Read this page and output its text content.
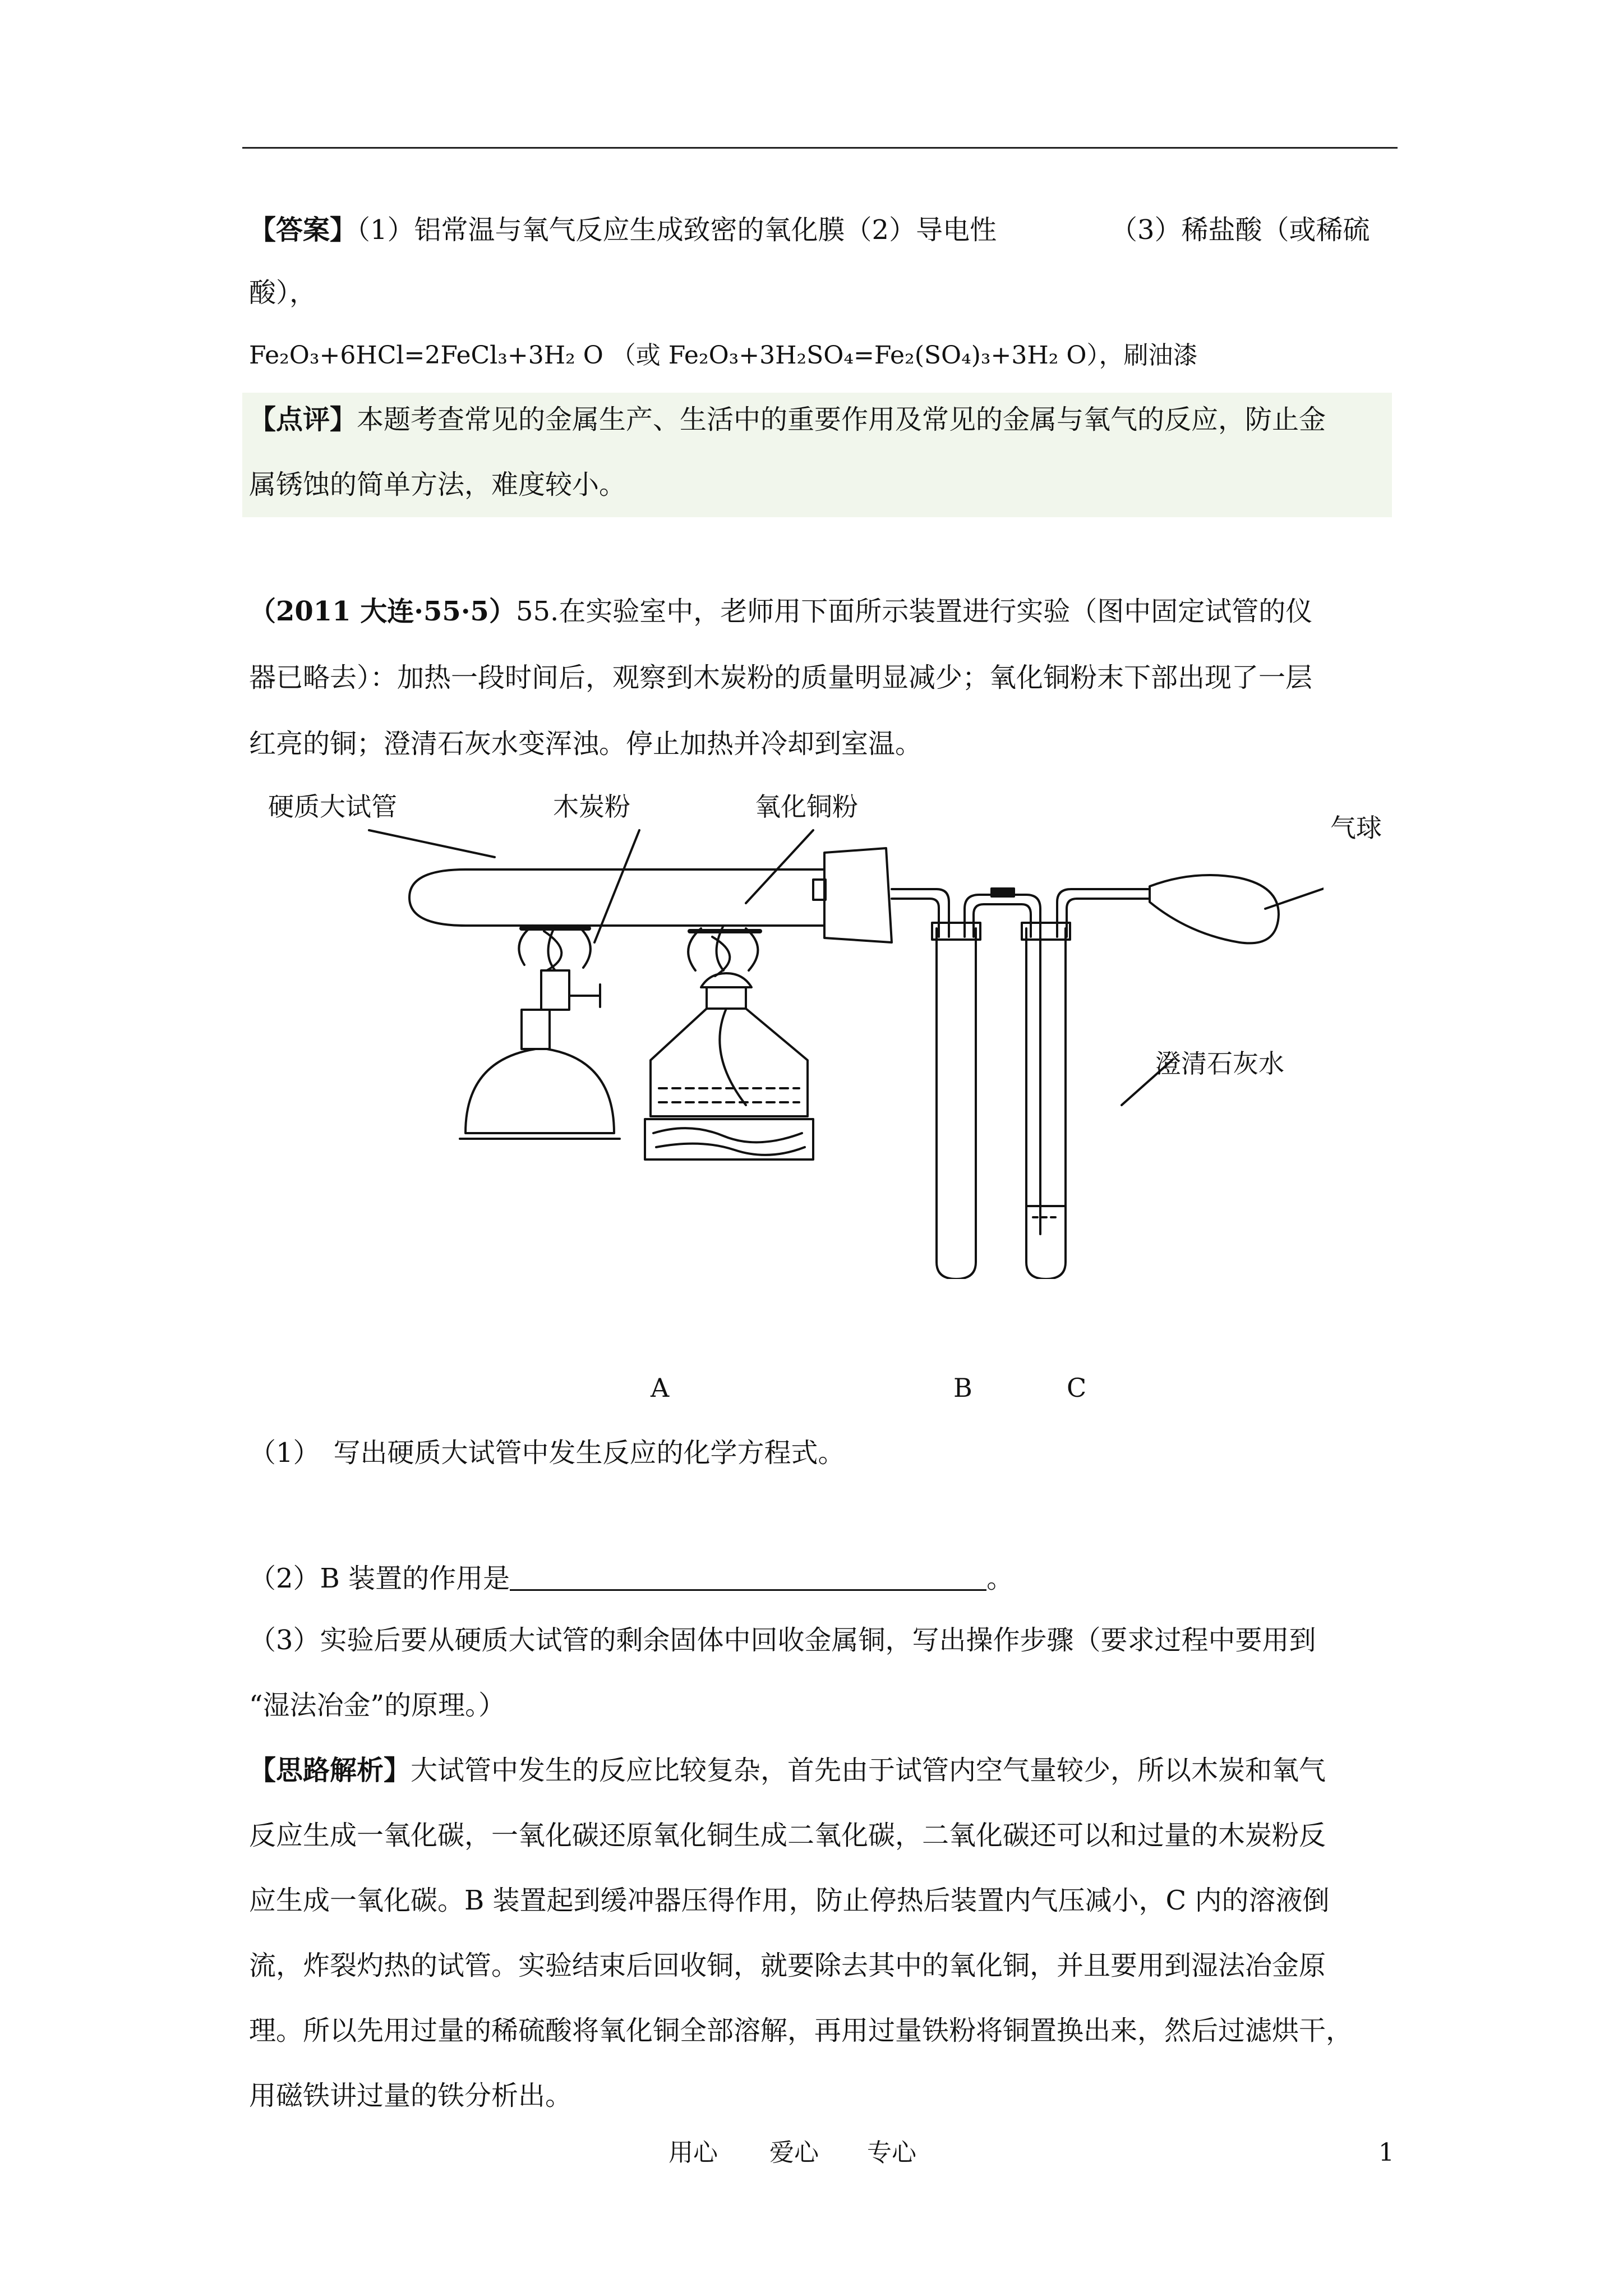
【答案】（1）铝常温与氧气反应生成致密的氧化膜（2）导电性	（3）稀盐酸（或稀硫
酸），
Fe₂O₃+6HCl=2FeCl₃+3H₂ O （或 Fe₂O₃+3H₂SO₄=Fe₂(SO₄)₃+3H₂ O），刷油漆
【点评】本题考查常见的金属生产、生活中的重要作用及常见的金属与氧气的反应，防止金
属锈蚀的简单方法，难度较小。
（2011 大连·55·5）55.在实验室中，老师用下面所示装置进行实验（图中固定试管的仪
器已略去）：加热一段时间后，观察到木炭粉的质量明显减少；氧化铜粉末下部出现了一层
红亮的铜；澄清石灰水变浑浊。停止加热并冷却到室温。
硬质大试管	木炭粉	氧化铜粉
气球
澄清石灰水
A	B	C
（1）　写出硬质大试管中发生反应的化学方程式。
（2）B 装置的作用是	。
（3）实验后要从硬质大试管的剩余固体中回收金属铜，写出操作步骤（要求过程中要用到
“湿法冶金”的原理。）
【思路解析】大试管中发生的反应比较复杂，首先由于试管内空气量较少，所以木炭和氧气
反应生成一氧化碳，一氧化碳还原氧化铜生成二氧化碳，二氧化碳还可以和过量的木炭粉反
应生成一氧化碳。B 装置起到缓冲器压得作用，防止停热后装置内气压减小，C 内的溶液倒
流，炸裂灼热的试管。实验结束后回收铜，就要除去其中的氧化铜，并且要用到湿法冶金原
理。所以先用过量的稀硫酸将氧化铜全部溶解，再用过量铁粉将铜置换出来，然后过滤烘干，
用磁铁讲过量的铁分析出。
用心 爱心 专心	1
